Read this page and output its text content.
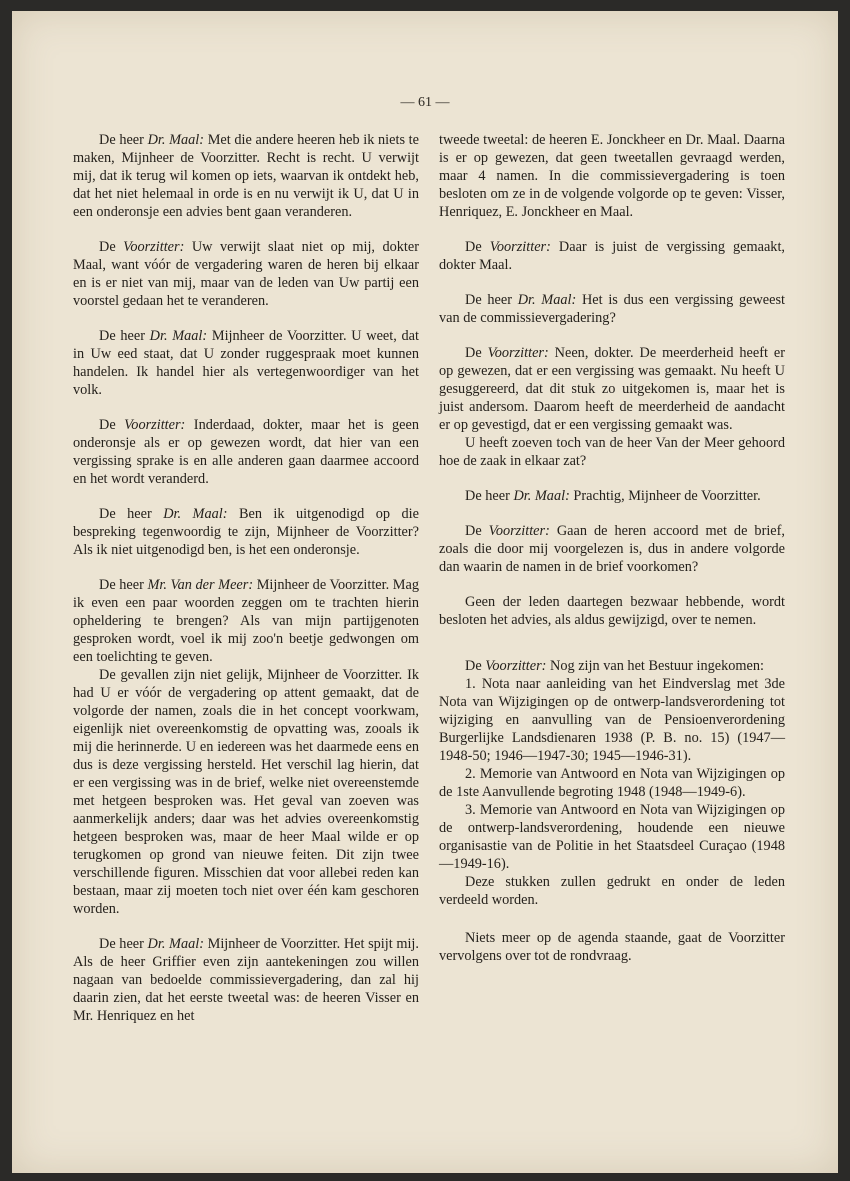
— 61 —

De heer Dr. Maal: Met die andere heeren heb ik niets te maken, Mijnheer de Voorzitter. Recht is recht. U verwijt mij, dat ik terug wil komen op iets, waarvan ik ontdekt heb, dat het niet helemaal in orde is en nu verwijt ik U, dat U in een onderonsje een advies bent gaan veranderen.

De Voorzitter: Uw verwijt slaat niet op mij, dokter Maal, want vóór de vergadering waren de heren bij elkaar en is er niet van mij, maar van de leden van Uw partij een voorstel gedaan het te veranderen.

De heer Dr. Maal: Mijnheer de Voorzitter. U weet, dat in Uw eed staat, dat U zonder ruggespraak moet kunnen handelen. Ik handel hier als vertegenwoordiger van het volk.

De Voorzitter: Inderdaad, dokter, maar het is geen onderonsje als er op gewezen wordt, dat hier van een vergissing sprake is en alle anderen gaan daarmee accoord en het wordt veranderd.

De heer Dr. Maal: Ben ik uitgenodigd op die bespreking tegenwoordig te zijn, Mijnheer de Voorzitter? Als ik niet uitgenodigd ben, is het een onderonsje.

De heer Mr. Van der Meer: Mijnheer de Voorzitter. Mag ik even een paar woorden zeggen om te trachten hierin opheldering te brengen? Als van mijn partijgenoten gesproken wordt, voel ik mij zoo'n beetje gedwongen om een toelichting te geven.

De gevallen zijn niet gelijk, Mijnheer de Voorzitter. Ik had U er vóór de vergadering op attent gemaakt, dat de volgorde der namen, zoals die in het concept voorkwam, eigenlijk niet overeenkomstig de opvatting was, zooals ik mij die herinnerde. U en iedereen was het daarmede eens en dus is deze vergissing hersteld. Het verschil lag hierin, dat er een vergissing was in de brief, welke niet overeenstemde met hetgeen besproken was. Het geval van zoeven was aanmerkelijk anders; daar was het advies overeenkomstig hetgeen besproken was, maar de heer Maal wilde er op terugkomen op grond van nieuwe feiten. Dit zijn twee verschillende figuren. Misschien dat voor allebei reden kan bestaan, maar zij moeten toch niet over één kam geschoren worden.

De heer Dr. Maal: Mijnheer de Voorzitter. Het spijt mij. Als de heer Griffier even zijn aantekeningen zou willen nagaan van bedoelde commissievergadering, dan zal hij daarin zien, dat het eerste tweetal was: de heeren Visser en Mr. Henriquez en het

tweede tweetal: de heeren E. Jonckheer en Dr. Maal. Daarna is er op gewezen, dat geen tweetallen gevraagd werden, maar 4 namen. In die commissievergadering is toen besloten om ze in de volgende volgorde op te geven: Visser, Henriquez, E. Jonckheer en Maal.

De Voorzitter: Daar is juist de vergissing gemaakt, dokter Maal.

De heer Dr. Maal: Het is dus een vergissing geweest van de commissievergadering?

De Voorzitter: Neen, dokter. De meerderheid heeft er op gewezen, dat er een vergissing was gemaakt. Nu heeft U gesuggereerd, dat dit stuk zo uitgekomen is, maar het is juist andersom. Daarom heeft de meerderheid de aandacht er op gevestigd, dat er een vergissing gemaakt was.

U heeft zoeven toch van de heer Van der Meer gehoord hoe de zaak in elkaar zat?

De heer Dr. Maal: Prachtig, Mijnheer de Voorzitter.

De Voorzitter: Gaan de heren accoord met de brief, zoals die door mij voorgelezen is, dus in andere volgorde dan waarin de namen in de brief voorkomen?

Geen der leden daartegen bezwaar hebbende, wordt besloten het advies, als aldus gewijzigd, over te nemen.

De Voorzitter: Nog zijn van het Bestuur ingekomen:

1. Nota naar aanleiding van het Eindverslag met 3de Nota van Wijzigingen op de ontwerp-landsverordening tot wijziging en aanvulling van de Pensioenverordening Burgerlijke Landsdienaren 1938 (P. B. no. 15) (1947—1948-50; 1946—1947-30; 1945—1946-31).

2. Memorie van Antwoord en Nota van Wijzigingen op de 1ste Aanvullende begroting 1948 (1948—1949-6).

3. Memorie van Antwoord en Nota van Wijzigingen op de ontwerp-landsverordening, houdende een nieuwe organisastie van de Politie in het Staatsdeel Curaçao (1948—1949-16).

Deze stukken zullen gedrukt en onder de leden verdeeld worden.

Niets meer op de agenda staande, gaat de Voorzitter vervolgens over tot de rondvraag.
